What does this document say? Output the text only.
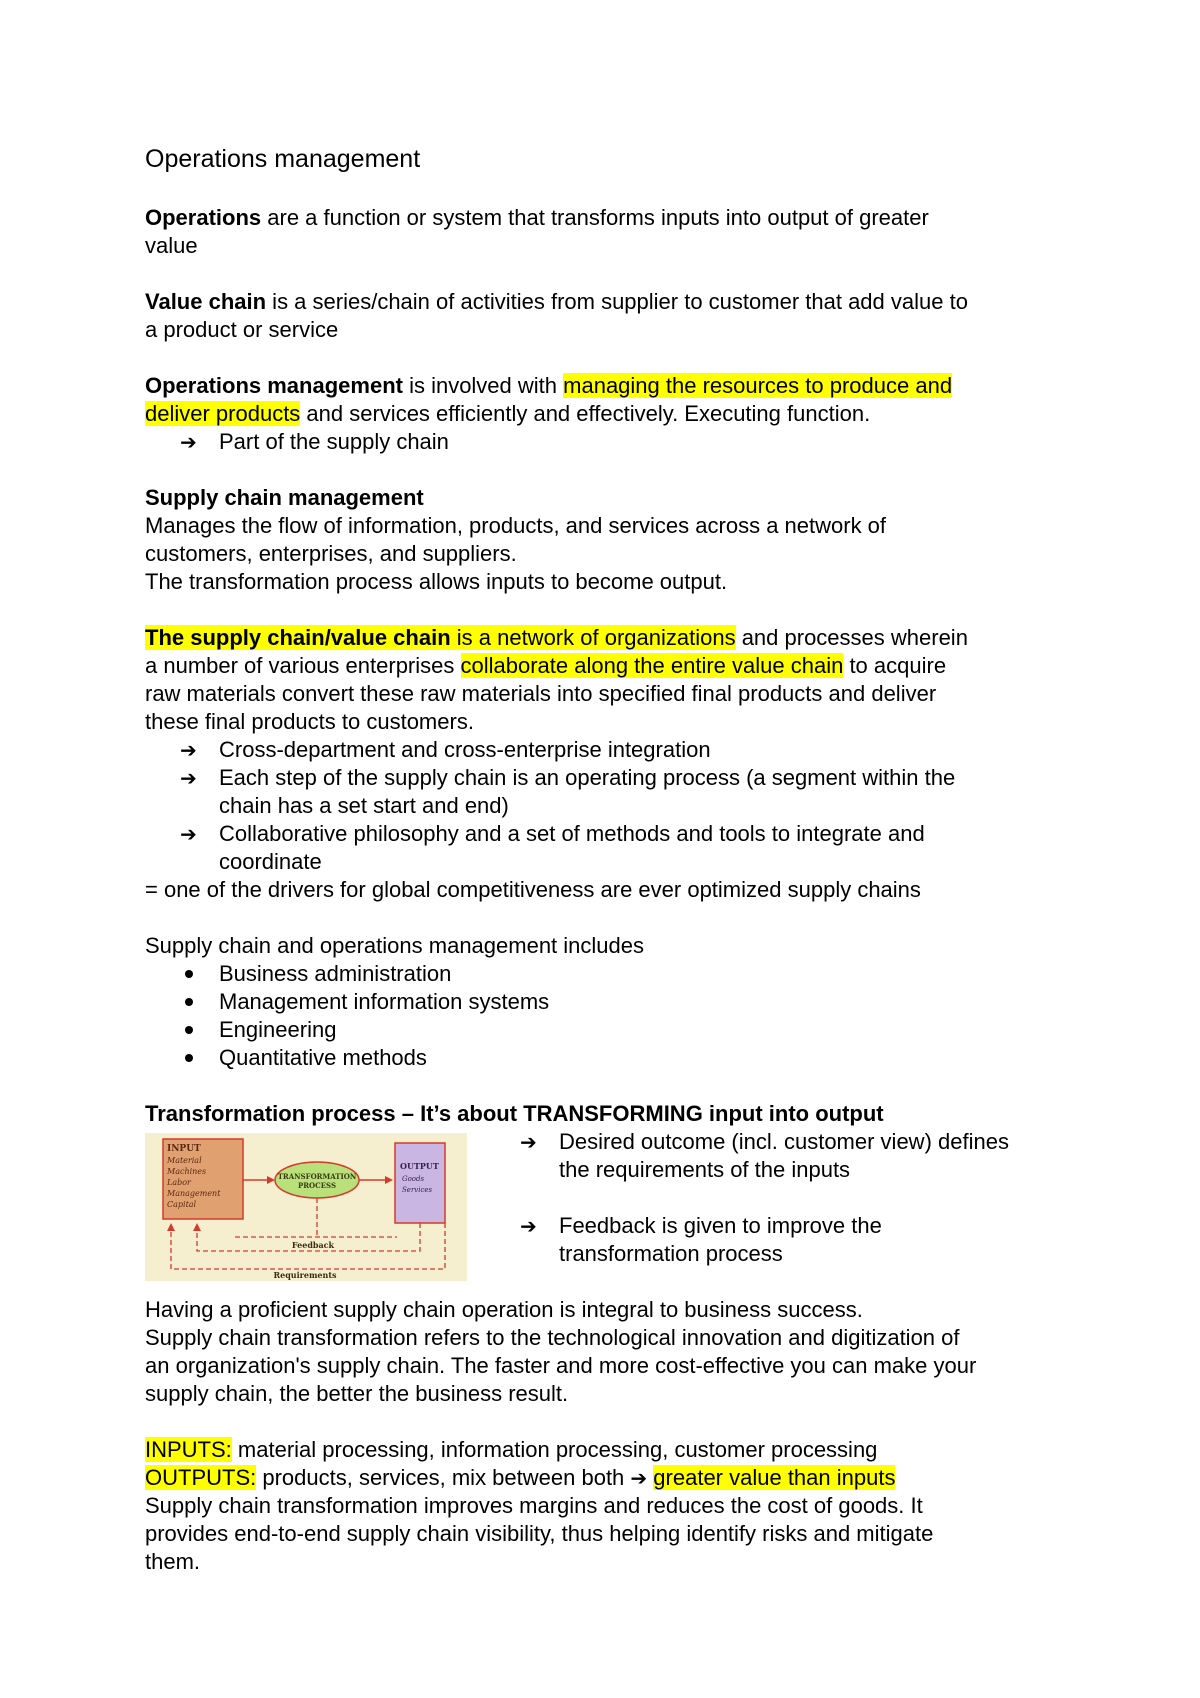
Operations management
Operations are a function or system that transforms inputs into output of greater
value
Value chain is a series/chain of activities from supplier to customer that add value to
a product or service
Operations management is involved with managing the resources to produce and
deliver products and services efficiently and effectively. Executing function.
➔ Part of the supply chain
Supply chain management
Manages the flow of information, products, and services across a network of
customers, enterprises, and suppliers.
The transformation process allows inputs to become output.
The supply chain/value chain is a network of organizations and processes wherein
a number of various enterprises collaborate along the entire value chain to acquire
raw materials convert these raw materials into specified final products and deliver
these final products to customers.
➔ Cross-department and cross-enterprise integration
➔ Each step of the supply chain is an operating process (a segment within the
chain has a set start and end)
➔ Collaborative philosophy and a set of methods and tools to integrate and
coordinate
= one of the drivers for global competitiveness are ever optimized supply chains
Supply chain and operations management includes
Business administration
Management information systems
Engineering
Quantitative methods
Transformation process – It’s about TRANSFORMING input into output
INPUT
Material
Machines
Labor
Management
Capital
TRANSFORMATION
PROCESS
OUTPUT
Goods
Services
Feedback
Requirements
➔ Desired outcome (incl. customer view) defines
the requirements of the inputs
➔ Feedback is given to improve the
transformation process
Having a proficient supply chain operation is integral to business success.
Supply chain transformation refers to the technological innovation and digitization of
an organization's supply chain. The faster and more cost-effective you can make your
supply chain, the better the business result.
INPUTS: material processing, information processing, customer processing
OUTPUTS: products, services, mix between both ➔ greater value than inputs
Supply chain transformation improves margins and reduces the cost of goods. It
provides end-to-end supply chain visibility, thus helping identify risks and mitigate
them.
